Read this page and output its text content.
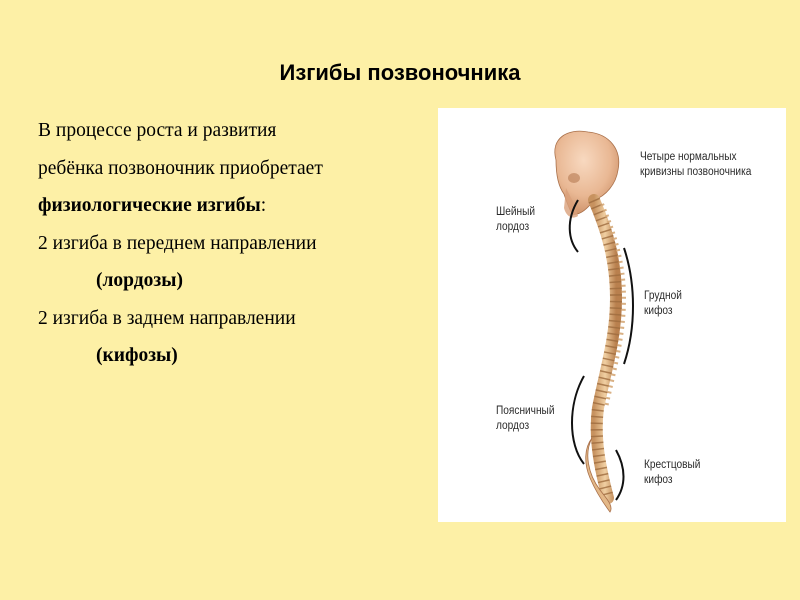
Изгибы позвоночника
В процессе роста и развития
ребёнка позвоночник приобретает
физиологические изгибы:
2 изгиба в переднем направлении
(лордозы)
2 изгиба в заднем направлении
(кифозы)
Четыре нормальных
кривизны позвоночника
Шейный
лордоз
Грудной
кифоз
Поясничный
лордоз
Крестцовый
кифоз
